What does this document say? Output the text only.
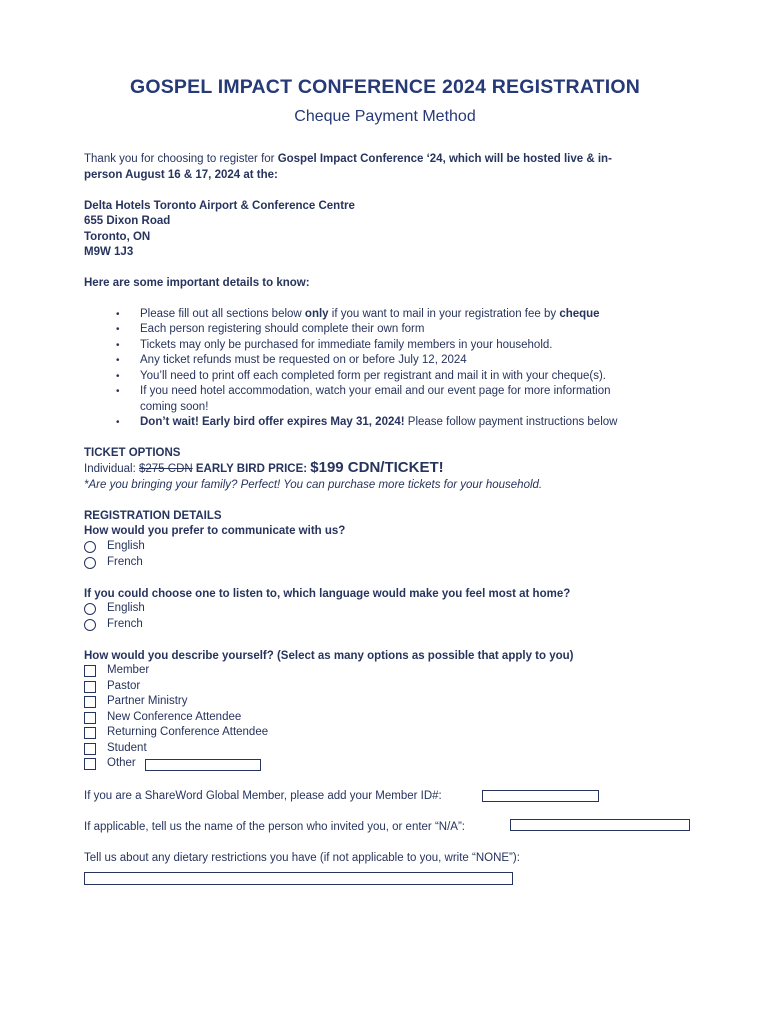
GOSPEL IMPACT CONFERENCE 2024 REGISTRATION
Cheque Payment Method
Thank you for choosing to register for Gospel Impact Conference ‘24, which will be hosted live & in-
person August 16 & 17, 2024 at the:
Delta Hotels Toronto Airport & Conference Centre
655 Dixon Road
Toronto, ON
M9W 1J3
Here are some important details to know:
• Please fill out all sections below only if you want to mail in your registration fee by cheque
• Each person registering should complete their own form
• Tickets may only be purchased for immediate family members in your household.
• Any ticket refunds must be requested on or before July 12, 2024
• You’ll need to print off each completed form per registrant and mail it in with your cheque(s).
• If you need hotel accommodation, watch your email and our event page for more information
coming soon!
• Don’t wait! Early bird offer expires May 31, 2024! Please follow payment instructions below
TICKET OPTIONS
Individual: $275 CDN EARLY BIRD PRICE: $199 CDN/TICKET!
*Are you bringing your family? Perfect! You can purchase more tickets for your household.
REGISTRATION DETAILS
How would you prefer to communicate with us?
English
French
If you could choose one to listen to, which language would make you feel most at home?
English
French
How would you describe yourself? (Select as many options as possible that apply to you)
Member
Pastor
Partner Ministry
New Conference Attendee
Returning Conference Attendee
Student
Other
If you are a ShareWord Global Member, please add your Member ID#:
If applicable, tell us the name of the person who invited you, or enter “N/A”:
Tell us about any dietary restrictions you have (if not applicable to you, write “NONE”):
